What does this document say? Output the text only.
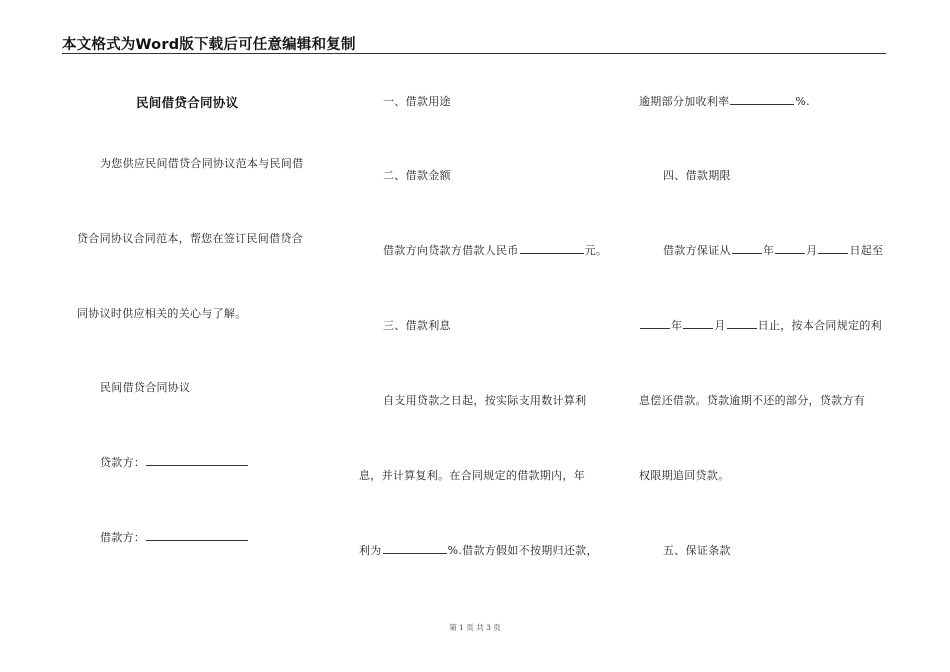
本文格式为Word版下载后可任意编辑和复制
民间借贷合同协议
为您供应民间借贷合同协议范本与民间借
贷合同协议合同范本，帮您在签订民间借贷合
同协议时供应相关的关心与了解。
民间借贷合同协议
贷款方：
借款方：
一、借款用途
二、借款金额
借款方向贷款方借款人民币	元。
三、借款利息
自支用贷款之日起，按实际支用数计算利
息，并计算复利。在合同规定的借款期内，年
利为	%.借款方假如不按期归还款，
逾期部分加收利率	%.
四、借款期限
借款方保证从	年	月	日起至
年	月	日止，按本合同规定的利
息偿还借款。贷款逾期不还的部分，贷款方有
权限期追回贷款。
五、保证条款
第 1 页 共 3 页
